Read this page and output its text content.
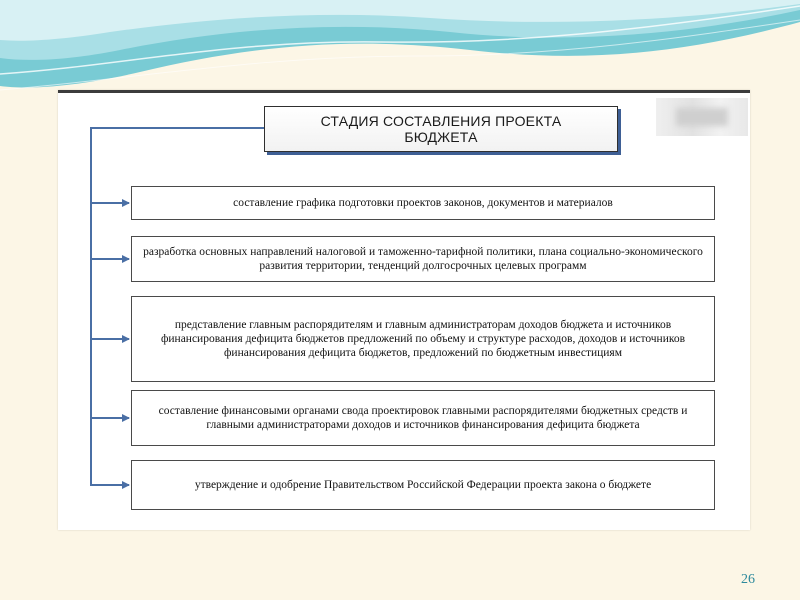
СТАДИЯ СОСТАВЛЕНИЯ ПРОЕКТА БЮДЖЕТА
составление графика подготовки проектов законов, документов и материалов
разработка основных направлений налоговой и таможенно-тарифной политики, плана социально-экономического развития территории, тенденций долгосрочных целевых программ
представление главным распорядителям и главным администраторам доходов бюджета и источников финансирования дефицита бюджетов предложений по объему и структуре расходов, доходов и источников финансирования дефицита бюджетов, предложений по бюджетным инвестициям
составление финансовыми органами свода проектировок главными распорядителями бюджетных средств и главными администраторами доходов и источников финансирования дефицита бюджета
утверждение и одобрение Правительством Российской Федерации проекта закона о бюджете
26
